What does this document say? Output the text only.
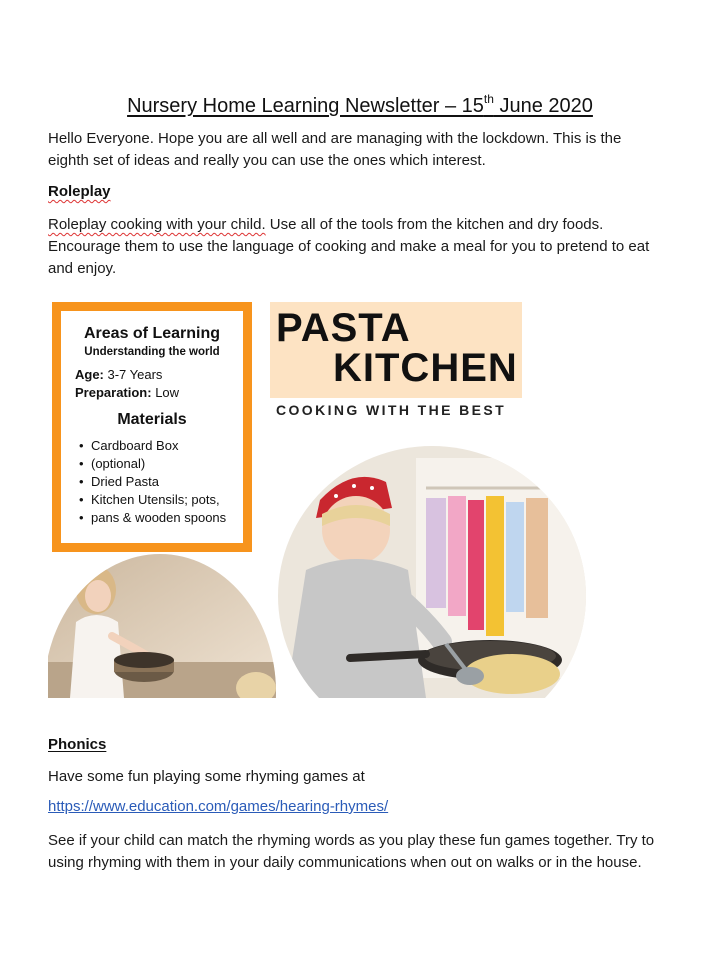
Nursery Home Learning Newsletter – 15th June 2020
Hello Everyone. Hope you are all well and are managing with the lockdown. This is the
eighth set of ideas and really you can use the ones which interest.
Roleplay
Roleplay cooking with your child. Use all of the tools from the kitchen and dry foods.
Encourage them to use the language of cooking and make a meal for you to pretend to eat
and enjoy.
Areas of Learning
Understanding the world
Age: 3-7 Years
Preparation: Low
Materials
• Cardboard Box
• (optional)
• Dried Pasta
• Kitchen Utensils; pots,
• pans & wooden spoons
PASTA
KITCHEN
COOKING WITH THE BEST
Phonics
Have some fun playing some rhyming games at
https://www.education.com/games/hearing-rhymes/
See if your child can match the rhyming words as you play these fun games together. Try to
using rhyming with them in your daily communications when out on walks or in the house.
